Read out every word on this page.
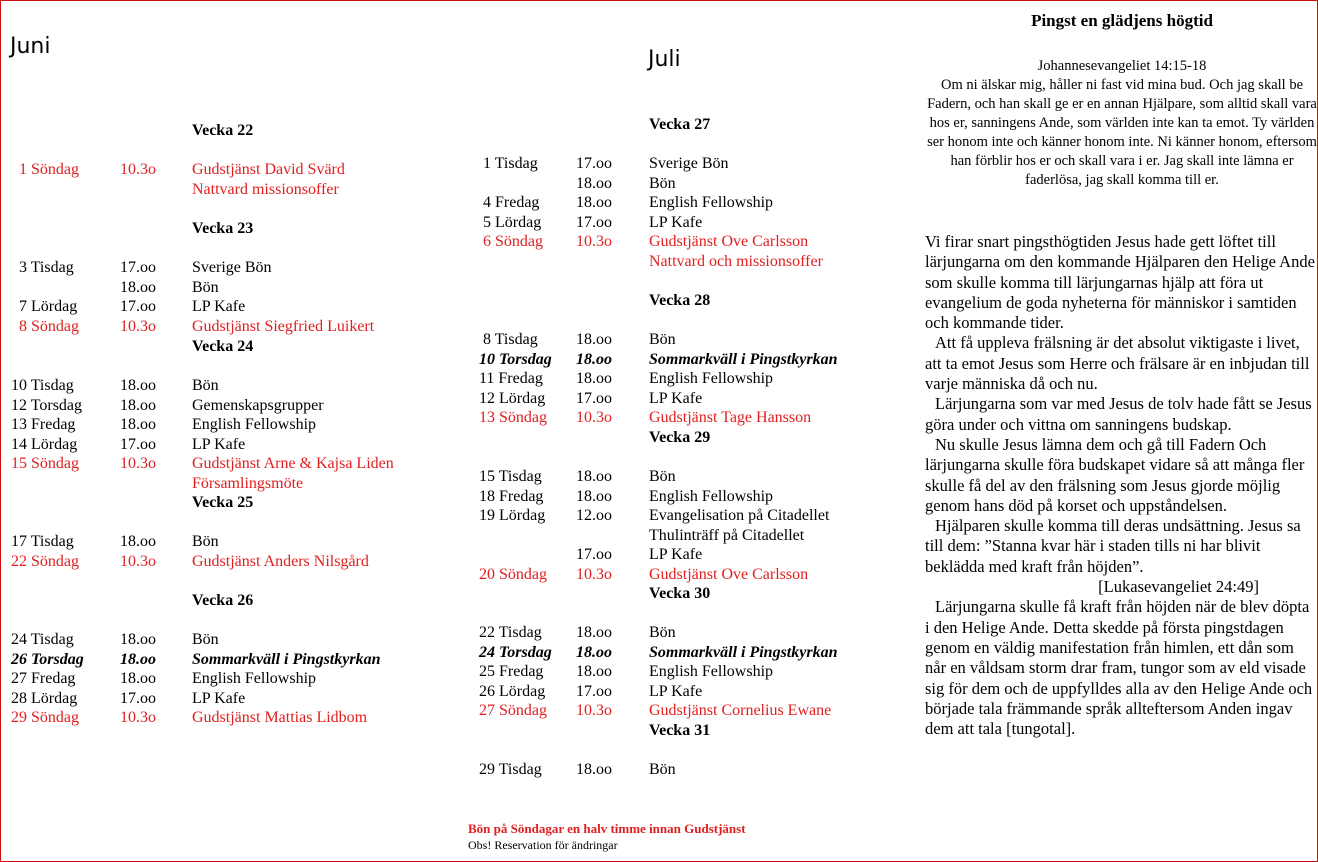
Juni
Juli
Vecka 22
1 Söndag	10.3o Gudstjänst David Svärd
Nattvard missionsoffer
Vecka 23
3 Tisdag	17.oo Sverige Bön
18.oo Bön
7 Lördag	17.oo LP Kafe
8 Söndag	10.3o Gudstjänst Siegfried Luikert
Vecka 24
10 Tisdag	18.oo Bön
12 Torsdag 18.oo Gemenskapsgrupper
13 Fredag	18.oo English Fellowship
14 Lördag	17.oo LP Kafe
15 Söndag	10.3o Gudstjänst Arne & Kajsa Liden
Församlingsmöte
Vecka 25
17 Tisdag	18.oo Bön
22 Söndag	10.3o Gudstjänst Anders Nilsgård
Vecka 26
24 Tisdag	18.oo Bön
26 Torsdag 18.oo Sommarkväll i Pingstkyrkan
27 Fredag	18.oo English Fellowship
28 Lördag	17.oo LP Kafe
29 Söndag	10.3o Gudstjänst Mattias Lidbom
Vecka 27
1 Tisdag 17.oo Sverige Bön
18.oo Bön
4 Fredag 18.oo English Fellowship
5 Lördag 17.oo LP Kafe
6 Söndag 10.3o Gudstjänst Ove Carlsson
Nattvard och missionsoffer
Vecka 28
8 Tisdag 18.oo Bön
10 Torsdag 18.oo Sommarkväll i Pingstkyrkan
11 Fredag 18.oo English Fellowship
12 Lördag 17.oo LP Kafe
13 Söndag 10.3o Gudstjänst Tage Hansson
Vecka 29
15 Tisdag 18.oo Bön
18 Fredag 18.oo English Fellowship
19 Lördag 12.oo Evangelisation på Citadellet
Thulinträff på Citadellet
17.oo LP Kafe
20 Söndag 10.3o Gudstjänst Ove Carlsson
Vecka 30
22 Tisdag 18.oo Bön
24 Torsdag 18.oo Sommarkväll i Pingstkyrkan
25 Fredag 18.oo English Fellowship
26 Lördag 17.oo LP Kafe
27 Söndag 10.3o Gudstjänst Cornelius Ewane
Vecka 31
29 Tisdag 18.oo Bön
Bön på Söndagar en halv timme innan Gudstjänst
Obs! Reservation för ändringar
Pingst en glädjens högtid
Johannesevangeliet 14:15-18
Om ni älskar mig, håller ni fast vid mina bud. Och jag skall be Fadern, och han skall ge er en annan Hjälpare, som alltid skall vara hos er, sanningens Ande, som världen inte kan ta emot. Ty världen ser honom inte och känner honom inte. Ni känner honom, eftersom han förblir hos er och skall vara i er. Jag skall inte lämna er faderlösa, jag skall komma till er.

Vi firar snart pingsthögtiden Jesus hade gett löftet till lärjungarna om den kommande Hjälparen den Helige Ande som skulle komma till lärjungarnas hjälp att föra ut evangelium de goda nyheterna för människor i samtiden och kommande tider.

Att få uppleva frälsning är det absolut viktigaste i livet, att ta emot Jesus som Herre och frälsare är en inbjudan till varje människa då och nu.

Lärjungarna som var med Jesus de tolv hade fått se Jesus göra under och vittna om sanningens budskap.

Nu skulle Jesus lämna dem och gå till Fadern Och lärjungarna skulle föra budskapet vidare så att många fler skulle få del av den frälsning som Jesus gjorde möjlig genom hans död på korset och uppståndelsen.

Hjälparen skulle komma till deras undsättning. Jesus sa till dem: ”Stanna kvar här i staden tills ni har blivit beklädda med kraft från höjden”.

[Lukasevangeliet 24:49]

Lärjungarna skulle få kraft från höjden när de blev döpta i den Helige Ande. Detta skedde på första pingstdagen genom en väldig manifestation från himlen, ett dån som når en våldsam storm drar fram, tungor som av eld visade sig för dem och de uppfylldes alla av den Helige Ande och började tala främmande språk allteftersom Anden ingav dem att tala [tungotal].
